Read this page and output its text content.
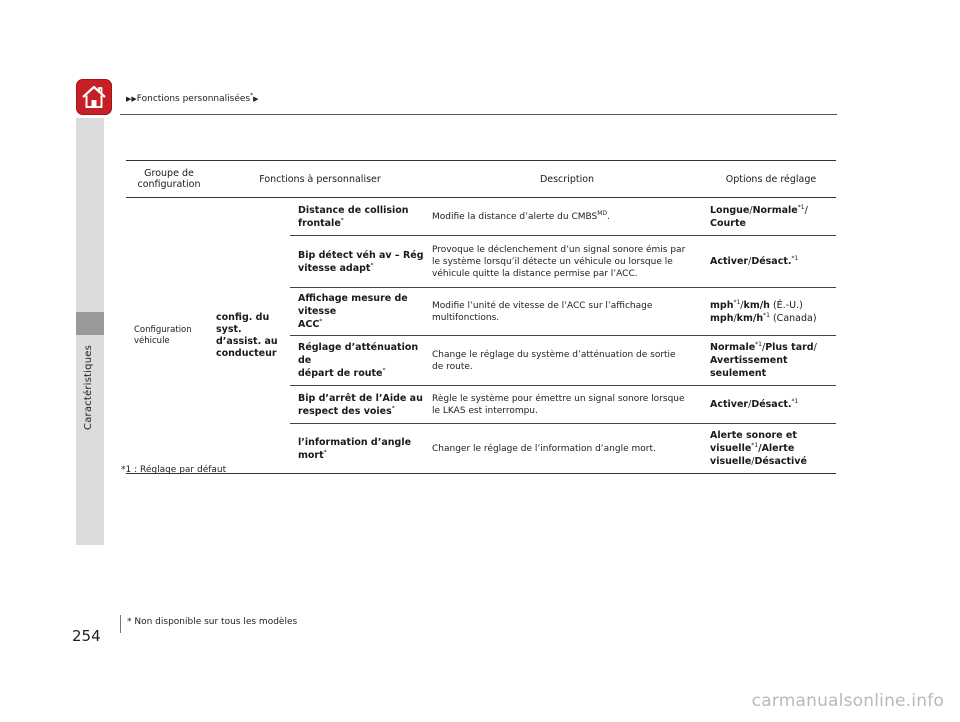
Caractéristiques
▶▶Fonctions personnalisées*▶
Groupe de
configuration	Fonctions à personnaliser		Description	Options de réglage
Configuration
véhicule	config. du
syst.
d’assist. au
conducteur	Distance de collision
frontale*	Modifie la distance d’alerte du $CMBS^{MD}$.	Longue/Normale$^{*1}$/
Courte
		Bip détect véh av – Rég
vitesse adapt*	Provoque le déclenchement d’un signal sonore émis par
le système lorsqu’il détecte un véhicule ou lorsque le
véhicule quitte la distance permise par l’ACC.	Activer/Désact.$^{*1}$
		Affichage mesure de vitesse
ACC*	Modifie l’unité de vitesse de l’ACC sur l’affichage
multifonctions.	mph$^{*1}$/km/h (É.-U.)
mph/$km/h^{*1}$ (Canada)
		Réglage d’atténuation de
départ de route*	Change le réglage du système d’atténuation de sortie
de route.	Normale$^{*1}$/Plus tard/
Avertissement
seulement
		Bip d’arrêt de l’Aide au
respect des voies*	Règle le système pour émettre un signal sonore lorsque
le LKAS est interrompu.	Activer/Désact.$^{*1}$
		l’information d’angle mort*	Changer le réglage de l’information d’angle mort.	Alerte sonore et
visuelle$^{*1}$/Alerte
visuelle/Désactivé
*1 : Réglage par défaut
254
* Non disponible sur tous les modèles
carmanualsonline.info
